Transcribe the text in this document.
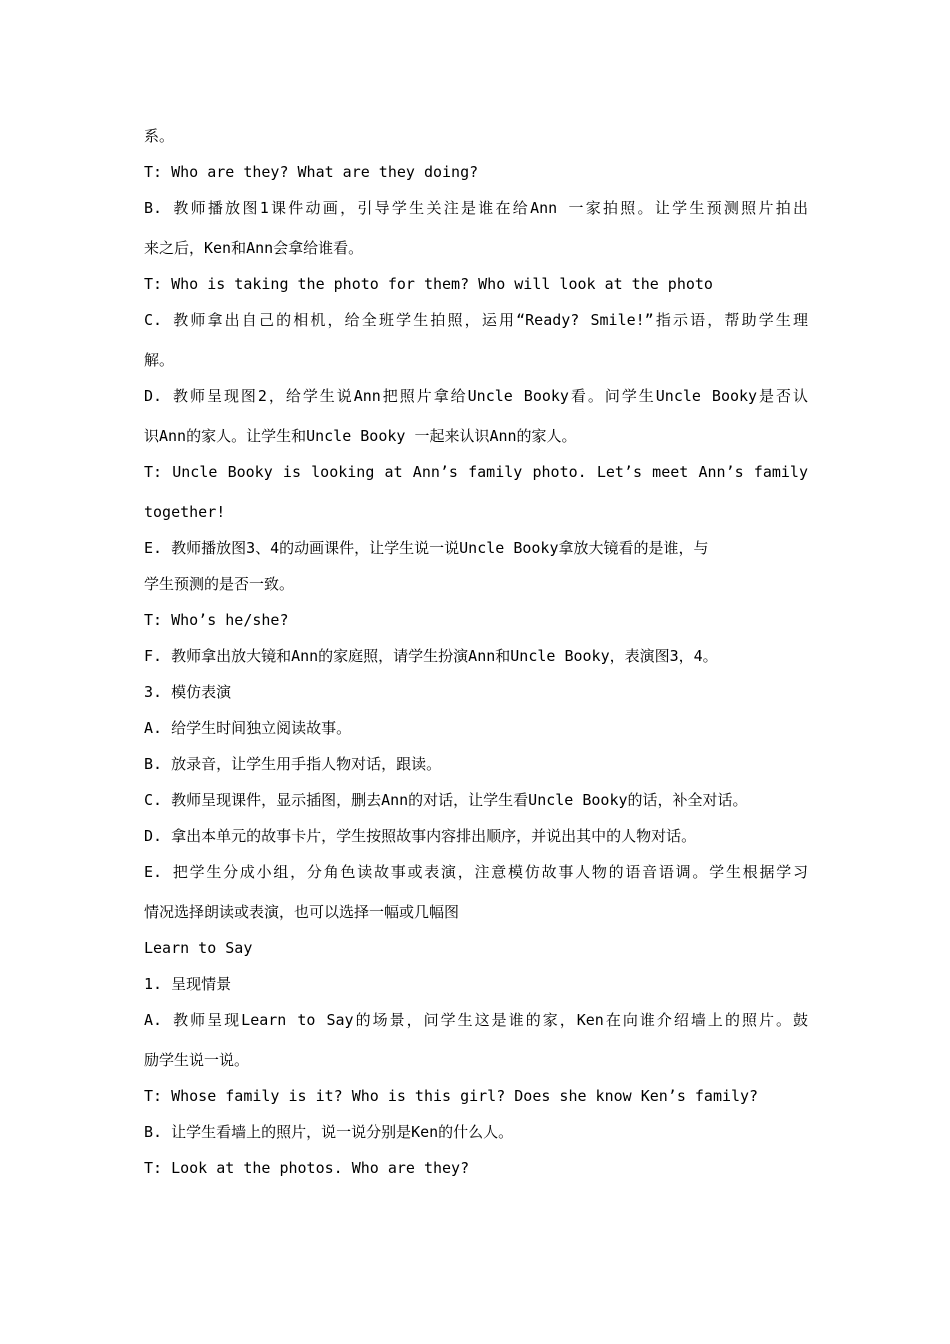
系。
T: Who are they? What are they doing?
B. 教师播放图1课件动画，引导学生关注是谁在给Ann 一家拍照。让学生预测照片拍出
来之后，Ken和Ann会拿给谁看。
T: Who is taking the photo for them? Who will look at the photo
C. 教师拿出自己的相机，给全班学生拍照，运用“Ready? Smile!”指示语，帮助学生理
解。
D. 教师呈现图2，给学生说Ann把照片拿给Uncle Booky看。问学生Uncle Booky是否认
识Ann的家人。让学生和Uncle Booky 一起来认识Ann的家人。
T: Uncle Booky is looking at Ann’s family photo. Let’s meet Ann’s family
together!
E. 教师播放图3、4的动画课件，让学生说一说Uncle Booky拿放大镜看的是谁，与
学生预测的是否一致。
T: Who’s he/she?
F. 教师拿出放大镜和Ann的家庭照，请学生扮演Ann和Uncle Booky，表演图3，4。
3. 模仿表演
A. 给学生时间独立阅读故事。
B. 放录音，让学生用手指人物对话，跟读。
C. 教师呈现课件，显示插图，删去Ann的对话，让学生看Uncle Booky的话，补全对话。
D. 拿出本单元的故事卡片，学生按照故事内容排出顺序，并说出其中的人物对话。
E. 把学生分成小组，分角色读故事或表演，注意模仿故事人物的语音语调。学生根据学习
情况选择朗读或表演，也可以选择一幅或几幅图
Learn to Say
1. 呈现情景
A. 教师呈现Learn to Say的场景，问学生这是谁的家，Ken在向谁介绍墙上的照片。鼓
励学生说一说。
T: Whose family is it? Who is this girl? Does she know Ken’s family?
B. 让学生看墙上的照片，说一说分别是Ken的什么人。
T: Look at the photos. Who are they?
